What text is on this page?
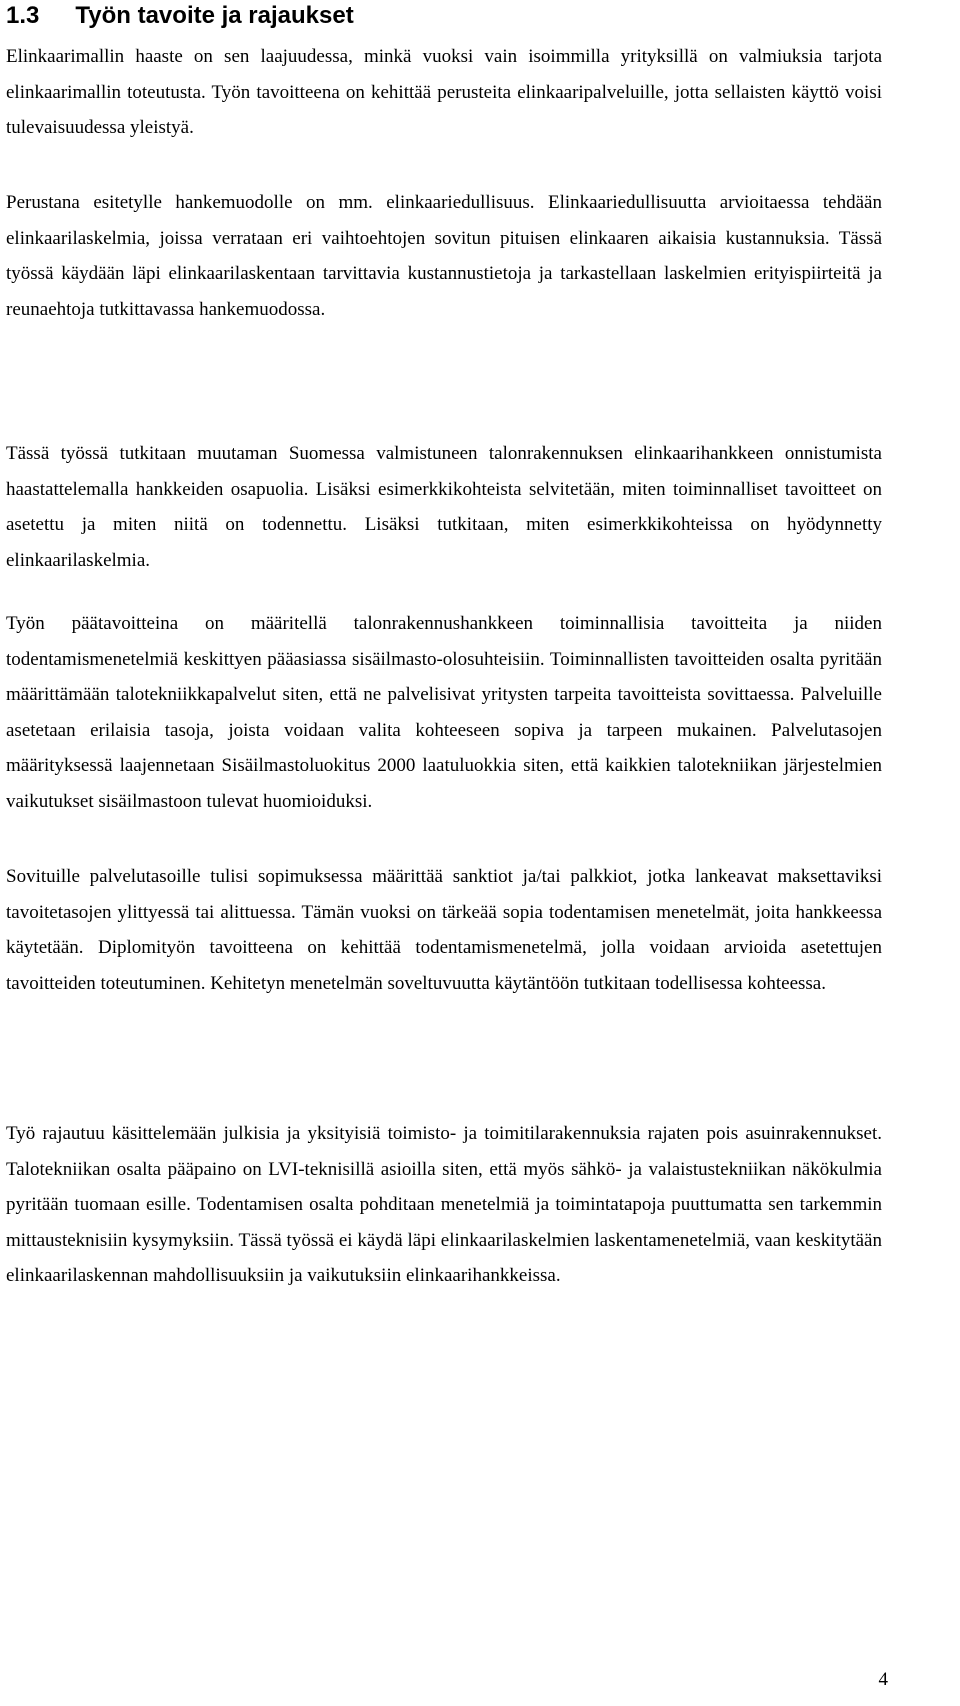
1.3 Työn tavoite ja rajaukset

Elinkaarimallin haaste on sen laajuudessa, minkä vuoksi vain isoimmilla yrityksillä on valmiuksia tarjota elinkaarimallin toteutusta. Työn tavoitteena on kehittää perusteita elinkaaripalveluille, jotta sellaisten käyttö voisi tulevaisuudessa yleistyä.

Perustana esitetylle hankemuodolle on mm. elinkaariedullisuus. Elinkaariedullisuutta arvioitaessa tehdään elinkaarilaskelmia, joissa verrataan eri vaihtoehtojen sovitun pituisen elinkaaren aikaisia kustannuksia. Tässä työssä käydään läpi elinkaarilaskentaan tarvittavia kustannustietoja ja tarkastellaan laskelmien erityispiirteitä ja reunaehtoja tutkittavassa hankemuodossa.

Tässä työssä tutkitaan muutaman Suomessa valmistuneen talonrakennuksen elinkaarihankkeen onnistumista haastattelemalla hankkeiden osapuolia. Lisäksi esimerkkikohteista selvitetään, miten toiminnalliset tavoitteet on asetettu ja miten niitä on todennettu. Lisäksi tutkitaan, miten esimerkkikohteissa on hyödynnetty elinkaarilaskelmia.

Työn päätavoitteina on määritellä talonrakennushankkeen toiminnallisia tavoitteita ja niiden todentamismenetelmiä keskittyen pääasiassa sisäilmasto-olosuhteisiin. Toiminnallisten tavoitteiden osalta pyritään määrittämään talotekniikkapalvelut siten, että ne palvelisivat yritysten tarpeita tavoitteista sovittaessa. Palveluille asetetaan erilaisia tasoja, joista voidaan valita kohteeseen sopiva ja tarpeen mukainen. Palvelutasojen määrityksessä laajennetaan Sisäilmastoluokitus 2000 laatuluokkia siten, että kaikkien talotekniikan järjestelmien vaikutukset sisäilmastoon tulevat huomioiduksi.

Sovituille palvelutasoille tulisi sopimuksessa määrittää sanktiot ja/tai palkkiot, jotka lankeavat maksettaviksi tavoitetasojen ylittyessä tai alittuessa. Tämän vuoksi on tärkeää sopia todentamisen menetelmät, joita hankkeessa käytetään. Diplomityön tavoitteena on kehittää todentamismenetelmä, jolla voidaan arvioida asetettujen tavoitteiden toteutuminen. Kehitetyn menetelmän soveltuvuutta käytäntöön tutkitaan todellisessa kohteessa.

Työ rajautuu käsittelemään julkisia ja yksityisiä toimisto- ja toimitilarakennuksia rajaten pois asuinrakennukset. Talotekniikan osalta pääpaino on LVI-teknisillä asioilla siten, että myös sähkö- ja valaistustekniikan näkökulmia pyritään tuomaan esille. Todentamisen osalta pohditaan menetelmiä ja toimintatapoja puuttumatta sen tarkemmin mittausteknisiin kysymyksiin. Tässä työssä ei käydä läpi elinkaarilaskelmien laskentamenetelmiä, vaan keskitytään elinkaarilaskennan mahdollisuuksiin ja vaikutuksiin elinkaarihankkeissa.

4
